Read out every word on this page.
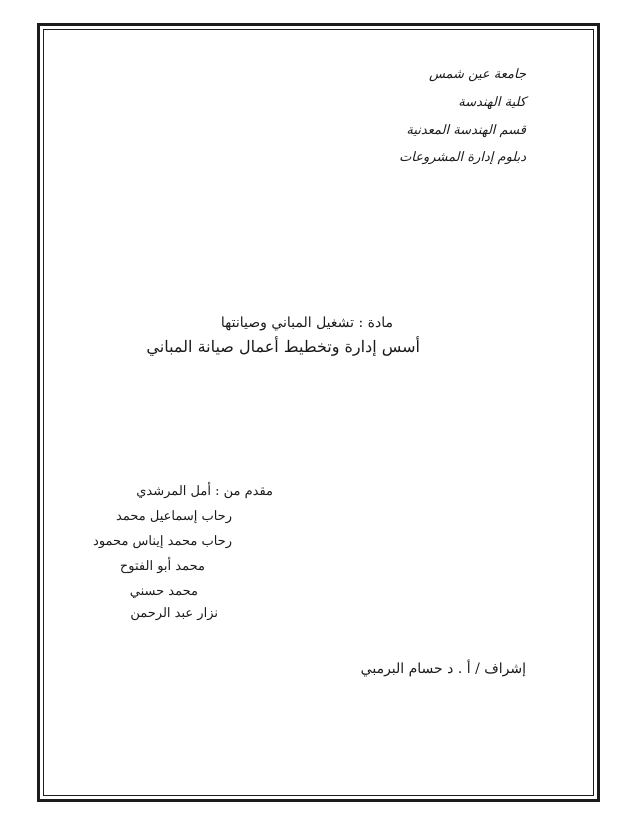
جامعة عين شمس
كلية الهندسة
قسم الهندسة المعدنية
دبلوم إدارة المشروعات
مادة : تشغيل المباني وصيانتها
أسس إدارة وتخطيط أعمال صيانة المباني
مقدم من : أمل المرشدي
رحاب إسماعيل محمد
رحاب محمد إيناس محمود
محمد أبو الفتوح
محمد حسني
نزار عبد الرحمن
إشراف / أ . د حسام البرمبي
